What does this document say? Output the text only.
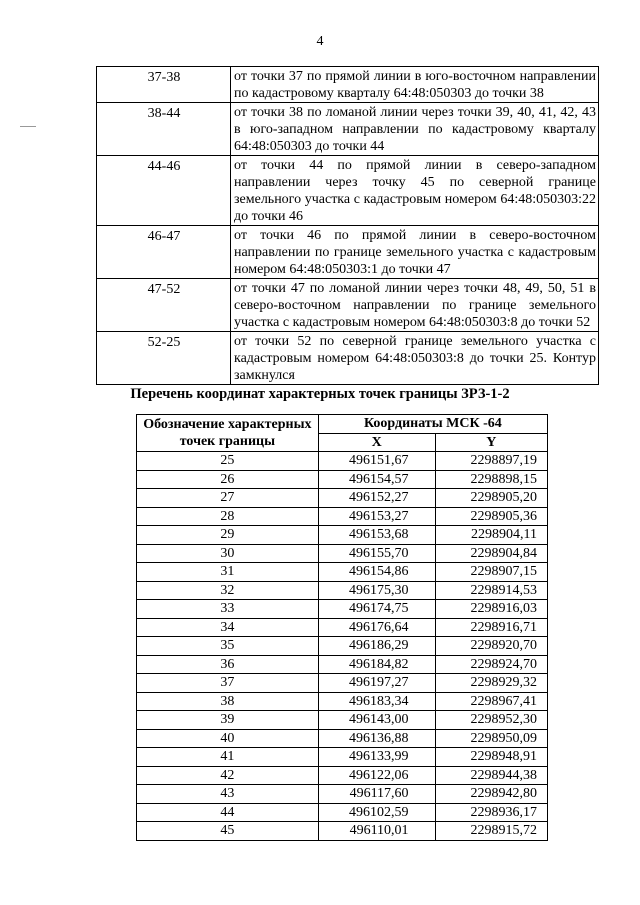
4
37-38	от точки 37 по прямой линии в юго-восточном направлении по кадастровому кварталу 64:48:050303 до точки 38
38-44	от точки 38 по ломаной линии через точки 39, 40, 41, 42, 43 в юго-западном направлении по кадастровому кварталу 64:48:050303 до точки 44
44-46	от точки 44 по прямой линии в северо-западном направлении через точку 45 по северной границе земельного участка с кадастровым номером 64:48:050303:22 до точки 46
46-47	от точки 46 по прямой линии в северо-восточном направлении по границе земельного участка с кадастровым номером 64:48:050303:1 до точки 47
47-52	от точки 47 по ломаной линии через точки 48, 49, 50, 51 в северо-восточном направлении по границе земельного участка с кадастровым номером 64:48:050303:8 до точки 52
52-25	от точки 52 по северной границе земельного участка с кадастровым номером 64:48:050303:8 до точки 25. Контур замкнулся
Перечень координат характерных точек границы ЗРЗ-1-2
Обозначение характерных точек границы	Координаты МСК -64	
	X	Y
25	496151,67	2298897,19
26	496154,57	2298898,15
27	496152,27	2298905,20
28	496153,27	2298905,36
29	496153,68	2298904,11
30	496155,70	2298904,84
31	496154,86	2298907,15
32	496175,30	2298914,53
33	496174,75	2298916,03
34	496176,64	2298916,71
35	496186,29	2298920,70
36	496184,82	2298924,70
37	496197,27	2298929,32
38	496183,34	2298967,41
39	496143,00	2298952,30
40	496136,88	2298950,09
41	496133,99	2298948,91
42	496122,06	2298944,38
43	496117,60	2298942,80
44	496102,59	2298936,17
45	496110,01	2298915,72
